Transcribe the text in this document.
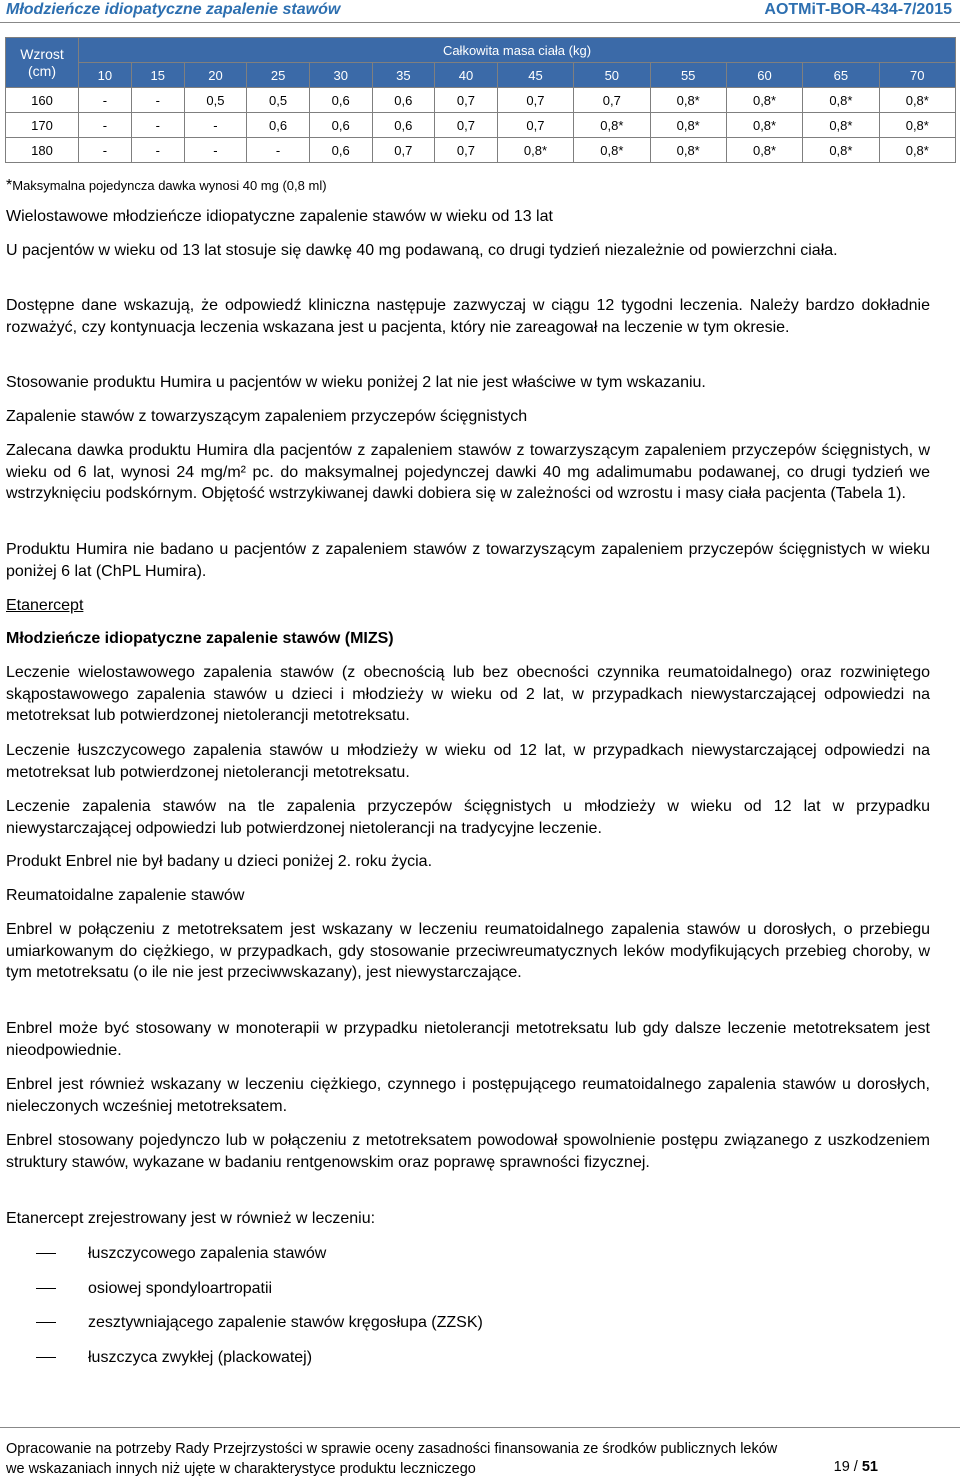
Młodzieńcze idiopatyczne zapalenie stawów	AOTMiT-BOR-434-7/2015
Wzrost (cm)	Całkowita masa ciała (kg)												
	10	15	20	25	30	35	40	45	50	55	60	65	70
160	-	-	0,5	0,5	0,6	0,6	0,7	0,7	0,7	0,8*	0,8*	0,8*	0,8*
170	-	-	-	0,6	0,6	0,6	0,7	0,7	0,8*	0,8*	0,8*	0,8*	0,8*
180	-	-	-	-	0,6	0,7	0,7	0,8*	0,8*	0,8*	0,8*	0,8*	0,8*
*Maksymalna pojedyncza dawka wynosi 40 mg (0,8 ml)

Wielostawowe młodzieńcze idiopatyczne zapalenie stawów w wieku od 13 lat

U pacjentów w wieku od 13 lat stosuje się dawkę 40 mg podawaną, co drugi tydzień niezależnie od powierzchni ciała.

Dostępne dane wskazują, że odpowiedź kliniczna następuje zazwyczaj w ciągu 12 tygodni leczenia. Należy bardzo dokładnie rozważyć, czy kontynuacja leczenia wskazana jest u pacjenta, który nie zareagował na leczenie w tym okresie.

Stosowanie produktu Humira u pacjentów w wieku poniżej 2 lat nie jest właściwe w tym wskazaniu.

Zapalenie stawów z towarzyszącym zapaleniem przyczepów ścięgnistych

Zalecana dawka produktu Humira dla pacjentów z zapaleniem stawów z towarzyszącym zapaleniem przyczepów ścięgnistych, w wieku od 6 lat, wynosi 24 mg/m² pc. do maksymalnej pojedynczej dawki 40 mg adalimumabu podawanej, co drugi tydzień we wstrzyknięciu podskórnym. Objętość wstrzykiwanej dawki dobiera się w zależności od wzrostu i masy ciała pacjenta (Tabela 1).

Produktu Humira nie badano u pacjentów z zapaleniem stawów z towarzyszącym zapaleniem przyczepów ścięgnistych w wieku poniżej 6 lat (ChPL Humira).

Etanercept

Młodzieńcze idiopatyczne zapalenie stawów (MIZS)

Leczenie wielostawowego zapalenia stawów (z obecnością lub bez obecności czynnika reumatoidalnego) oraz rozwiniętego skąpostawowego zapalenia stawów u dzieci i młodzieży w wieku od 2 lat, w przypadkach niewystarczającej odpowiedzi na metotreksat lub potwierdzonej nietolerancji metotreksatu.

Leczenie łuszczycowego zapalenia stawów u młodzieży w wieku od 12 lat, w przypadkach niewystarczającej odpowiedzi na metotreksat lub potwierdzonej nietolerancji metotreksatu.

Leczenie zapalenia stawów na tle zapalenia przyczepów ścięgnistych u młodzieży w wieku od 12 lat w przypadku niewystarczającej odpowiedzi lub potwierdzonej nietolerancji na tradycyjne leczenie.

Produkt Enbrel nie był badany u dzieci poniżej 2. roku życia.

Reumatoidalne zapalenie stawów

Enbrel w połączeniu z metotreksatem jest wskazany w leczeniu reumatoidalnego zapalenia stawów u dorosłych, o przebiegu umiarkowanym do ciężkiego, w przypadkach, gdy stosowanie przeciwreumatycznych leków modyfikujących przebieg choroby, w tym metotreksatu (o ile nie jest przeciwwskazany), jest niewystarczające.

Enbrel może być stosowany w monoterapii w przypadku nietolerancji metotreksatu lub gdy dalsze leczenie metotreksatem jest nieodpowiednie.

Enbrel jest również wskazany w leczeniu ciężkiego, czynnego i postępującego reumatoidalnego zapalenia stawów u dorosłych, nieleczonych wcześniej metotreksatem.

Enbrel stosowany pojedynczo lub w połączeniu z metotreksatem powodował spowolnienie postępu związanego z uszkodzeniem struktury stawów, wykazane w badaniu rentgenowskim oraz poprawę sprawności fizycznej.

Etanercept zrejestrowany jest w również w leczeniu:

łuszczycowego zapalenia stawów
osiowej spondyloartropatii
zesztywniającego zapalenie stawów kręgosłupa (ZZSK)
łuszczyca zwykłej (plackowatej)
Opracowanie na potrzeby Rady Przejrzystości w sprawie oceny zasadności finansowania ze środków publicznych leków
we wskazaniach innych niż ujęte w charakterystyce produktu leczniczego	19 / 51
